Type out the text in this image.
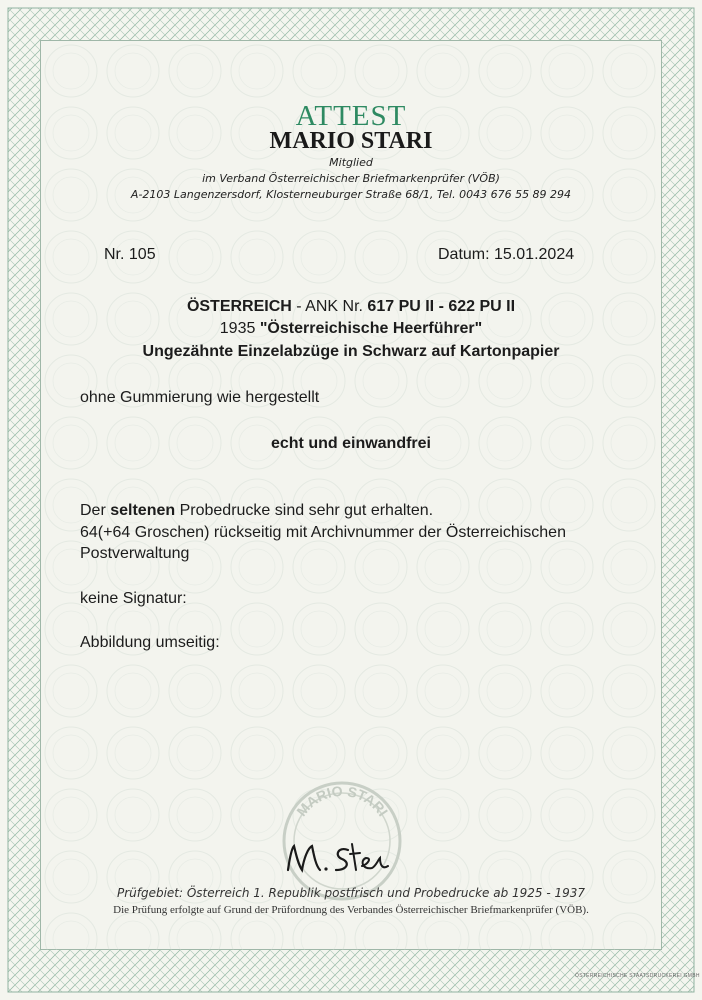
ATTEST
MARIO STARI
Mitglied
im Verband Österreichischer Briefmarkenprüfer (VÖB)
A-2103 Langenzersdorf, Klosterneuburger Straße 68/1, Tel. 0043 676 55 89 294
Nr. 105	Datum: 15.01.2024
ÖSTERREICH - ANK Nr. 617 PU II - 622 PU II
1935 "Österreichische Heerführer"
Ungezähnte Einzelabzüge in Schwarz auf Kartonpapier
ohne Gummierung wie hergestellt
echt und einwandfrei
Der seltenen Probedrucke sind sehr gut erhalten.
64(+64 Groschen) rückseitig mit Archivnummer der Österreichischen
Postverwaltung
keine Signatur:
Abbildung umseitig:
MARIO STARI
Prüfgebiet: Österreich 1. Republik postfrisch und Probedrucke ab 1925 - 1937
Die Prüfung erfolgte auf Grund der Prüfordnung des Verbandes Österreichischer Briefmarkenprüfer (VÖB).
ÖSTERREICHISCHE STAATSDRUCKEREI GMBH
